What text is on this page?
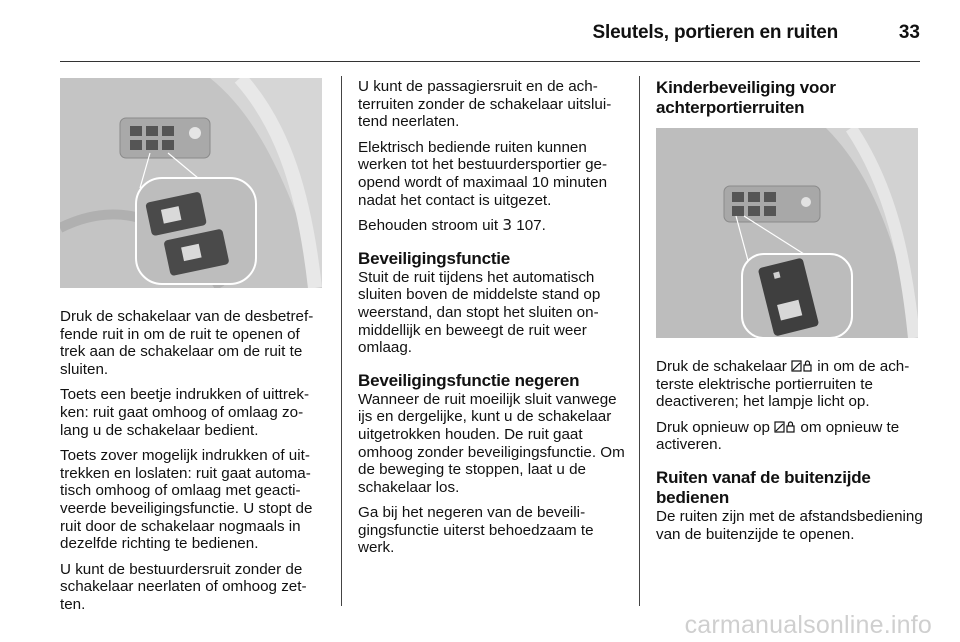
Sleutels, portieren en ruiten	33

Druk de schakelaar van de desbetreffende ruit in om de ruit te openen of trek aan de schakelaar om de ruit te sluiten.

Toets een beetje indrukken of uittrekken: ruit gaat omhoog of omlaag zolang u de schakelaar bedient.

Toets zover mogelijk indrukken of uittrekken en loslaten: ruit gaat automatisch omhoog of omlaag met geactiveerde beveiligingsfunctie. U stopt de ruit door de schakelaar nogmaals in dezelfde richting te bedienen.

U kunt de bestuurdersruit zonder de schakelaar neerlaten of omhoog zetten.

U kunt de passagiersruit en de achterruiten zonder de schakelaar uitsluitend neerlaten.

Elektrisch bediende ruiten kunnen werken tot het bestuurdersportier geopend wordt of maximaal 10 minuten nadat het contact is uitgezet.

Behouden stroom uit 3 107.

Beveiligingsfunctie

Stuit de ruit tijdens het automatisch sluiten boven de middelste stand op weerstand, dan stopt het sluiten onmiddellijk en beweegt de ruit weer omlaag.

Beveiligingsfunctie negeren

Wanneer de ruit moeilijk sluit vanwege ijs en dergelijke, kunt u de schakelaar uitgetrokken houden. De ruit gaat omhoog zonder beveiligingsfunctie. Om de beweging te stoppen, laat u de schakelaar los.

Ga bij het negeren van de beveiligingsfunctie uiterst behoedzaam te werk.

Kinderbeveiliging voor achterportierruiten

Druk de schakelaar  in om de achterste elektrische portierruiten te deactiveren; het lampje licht op.

Druk opnieuw op  om opnieuw te activeren.

Ruiten vanaf de buitenzijde bedienen

De ruiten zijn met de afstandsbediening van de buitenzijde te openen.

carmanualsonline.info
